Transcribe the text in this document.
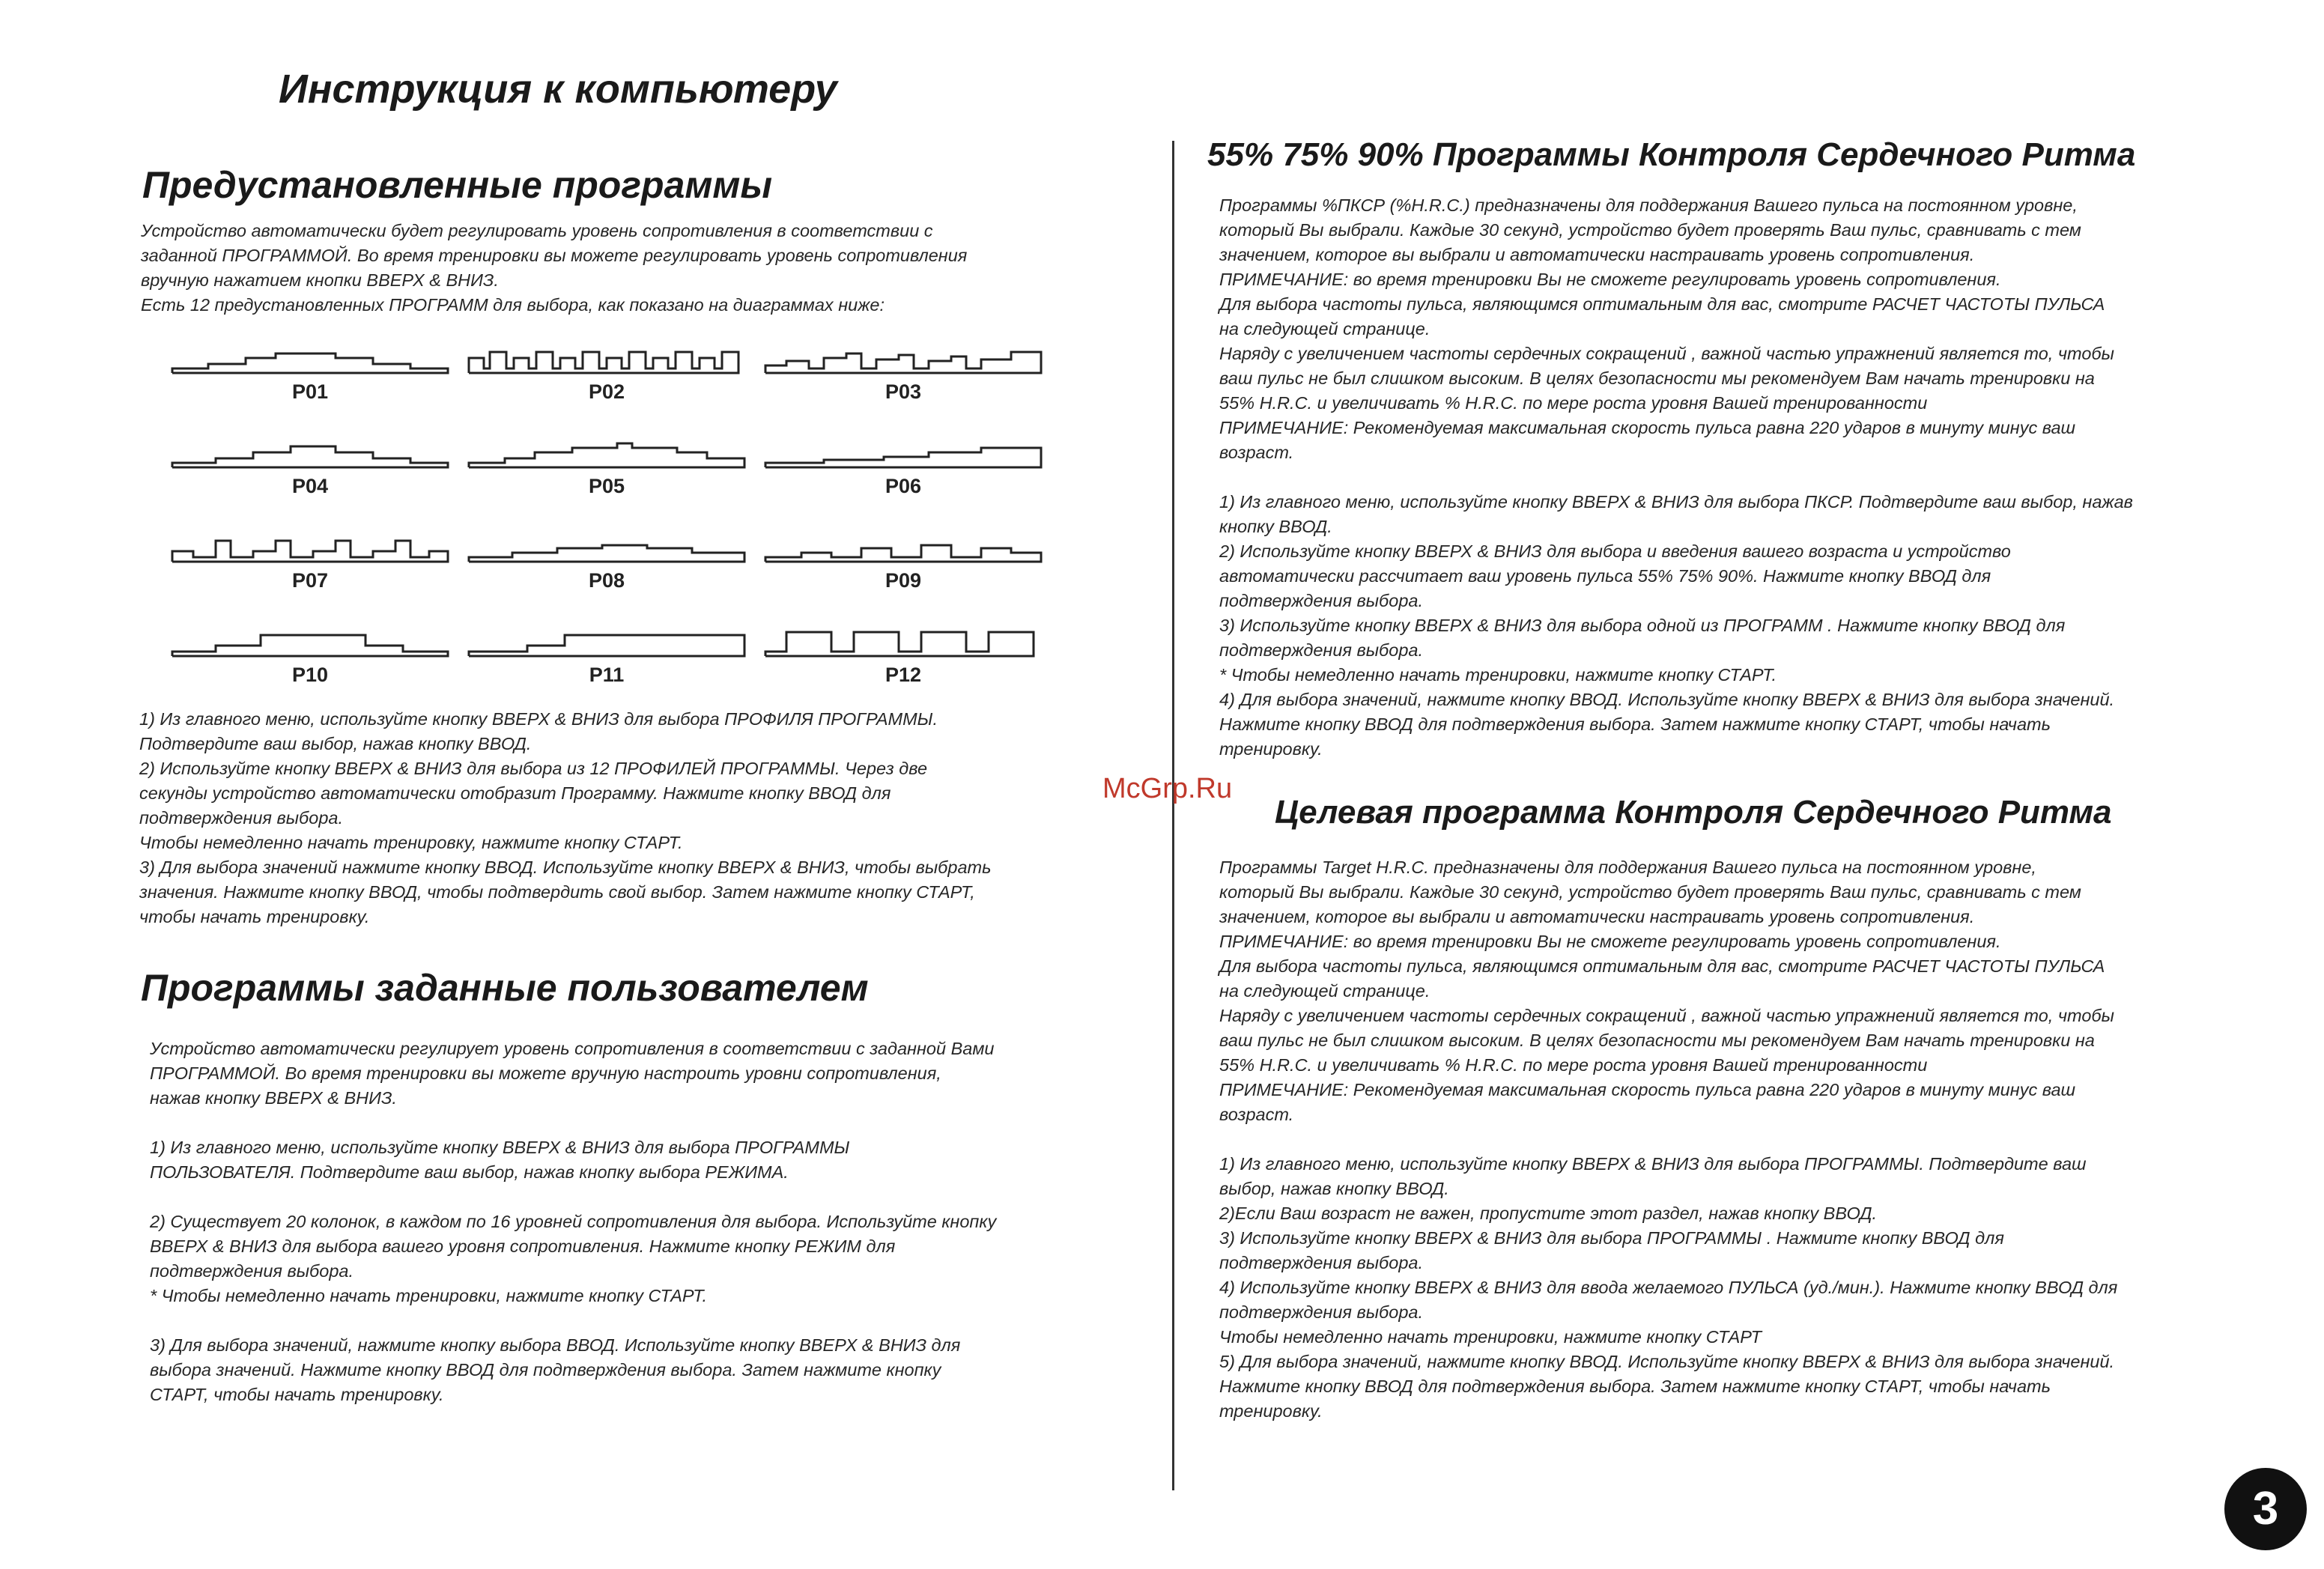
Инструкция к компьютеру
Предустановленные программы
Устройство автоматически будет регулировать уровень сопротивления в соответствии с
заданной ПРОГРАММОЙ. Во время тренировки вы можете регулировать уровень сопротивления
вручную нажатием кнопки ВВЕРХ & ВНИЗ.
Есть 12 предустановленных ПРОГРАММ для выбора, как показано на диаграммах ниже:
P01	P02	P03
P04	P05	P06
P07	P08	P09
P10	P11	P12
1) Из главного меню, используйте кнопку ВВЕРХ & ВНИЗ для выбора ПРОФИЛЯ ПРОГРАММЫ.
Подтвердите ваш выбор, нажав кнопку ВВОД.
2) Используйте кнопку ВВЕРХ & ВНИЗ для выбора из 12 ПРОФИЛЕЙ ПРОГРАММЫ. Через две
секунды устройство автоматически отобразит Программу. Нажмите кнопку ВВОД для
подтверждения выбора.
Чтобы немедленно начать тренировку, нажмите кнопку СТАРТ.
3) Для выбора значений нажмите кнопку ВВОД. Используйте кнопку ВВЕРХ & ВНИЗ, чтобы выбрать
значения. Нажмите кнопку ВВОД, чтобы подтвердить свой выбор. Затем нажмите кнопку СТАРТ,
чтобы начать тренировку.
Программы заданные пользователем
Устройство автоматически регулирует уровень сопротивления в соответствии с заданной Вами
ПРОГРАММОЙ. Во время тренировки вы можете вручную настроить уровни сопротивления,
нажав кнопку ВВЕРХ & ВНИЗ.

1) Из главного меню, используйте кнопку ВВЕРХ & ВНИЗ для выбора ПРОГРАММЫ
ПОЛЬЗОВАТЕЛЯ. Подтвердите ваш выбор, нажав кнопку выбора РЕЖИМА.

2) Существует 20 колонок, в каждом по 16 уровней сопротивления для выбора. Используйте кнопку
ВВЕРХ & ВНИЗ для выбора вашего уровня сопротивления. Нажмите кнопку РЕЖИМ для
подтверждения выбора.
* Чтобы немедленно начать тренировки, нажмите кнопку СТАРТ.

3) Для выбора значений, нажмите кнопку выбора ВВОД. Используйте кнопку ВВЕРХ & ВНИЗ для
выбора значений. Нажмите кнопку ВВОД для подтверждения выбора. Затем нажмите кнопку
СТАРТ, чтобы начать тренировку.
McGrp.Ru
55% 75% 90% Программы Контроля Сердечного Ритма
Программы %ПКСР (%H.R.C.) предназначены для поддержания Вашего пульса на постоянном уровне,
который Вы выбрали. Каждые 30 секунд, устройство будет проверять Ваш пульс, сравнивать с тем
значением, которое вы выбрали и автоматически настраивать уровень сопротивления.
ПРИМЕЧАНИЕ: во время тренировки Вы не сможете регулировать уровень сопротивления.
Для выбора частоты пульса, являющимся оптимальным для вас, смотрите РАСЧЕТ ЧАСТОТЫ ПУЛЬСА
на следующей странице.
Наряду с увеличением частоты сердечных сокращений , важной частью упражнений является то, чтобы
ваш пульс не был слишком высоким. В целях безопасности мы рекомендуем Вам начать тренировки на
55% H.R.C. и увеличивать % H.R.C. по мере роста уровня Вашей тренированности
ПРИМЕЧАНИЕ: Рекомендуемая максимальная скорость пульса равна 220 ударов в минуту минус ваш
возраст.

1) Из главного меню, используйте кнопку ВВЕРХ & ВНИЗ для выбора ПКСР. Подтвердите ваш выбор, нажав
кнопку ВВОД.
2) Используйте кнопку ВВЕРХ & ВНИЗ для выбора и введения вашего возраста и устройство
автоматически рассчитает ваш уровень пульса 55% 75% 90%. Нажмите кнопку ВВОД для
подтверждения выбора.
3) Используйте кнопку ВВЕРХ & ВНИЗ для выбора одной из ПРОГРАММ . Нажмите кнопку ВВОД для
подтверждения выбора.
* Чтобы немедленно начать тренировки, нажмите кнопку СТАРТ.
4) Для выбора значений, нажмите кнопку ВВОД. Используйте кнопку ВВЕРХ & ВНИЗ для выбора значений.
Нажмите кнопку ВВОД для подтверждения выбора. Затем нажмите кнопку СТАРТ, чтобы начать
тренировку.
Целевая программа Контроля Сердечного Ритма
Программы Target H.R.C. предназначены для поддержания Вашего пульса на постоянном уровне,
который Вы выбрали. Каждые 30 секунд, устройство будет проверять Ваш пульс, сравнивать с тем
значением, которое вы выбрали и автоматически настраивать уровень сопротивления.
ПРИМЕЧАНИЕ: во время тренировки Вы не сможете регулировать уровень сопротивления.
Для выбора частоты пульса, являющимся оптимальным для вас, смотрите РАСЧЕТ ЧАСТОТЫ ПУЛЬСА
на следующей странице.
Наряду с увеличением частоты сердечных сокращений , важной частью упражнений является то, чтобы
ваш пульс не был слишком высоким. В целях безопасности мы рекомендуем Вам начать тренировки на
55% H.R.C. и увеличивать % H.R.C. по мере роста уровня Вашей тренированности
ПРИМЕЧАНИЕ: Рекомендуемая максимальная скорость пульса равна 220 ударов в минуту минус ваш
возраст.

1) Из главного меню, используйте кнопку ВВЕРХ & ВНИЗ для выбора ПРОГРАММЫ. Подтвердите ваш
выбор, нажав кнопку ВВОД.
2)Если Ваш возраст не важен, пропустите этот раздел, нажав кнопку ВВОД.
3) Используйте кнопку ВВЕРХ & ВНИЗ для выбора ПРОГРАММЫ . Нажмите кнопку ВВОД для
подтверждения выбора.
4) Используйте кнопку ВВЕРХ & ВНИЗ для ввода желаемого ПУЛЬСА (уд./мин.). Нажмите кнопку ВВОД для
подтверждения выбора.
Чтобы немедленно начать тренировки, нажмите кнопку СТАРТ
5) Для выбора значений, нажмите кнопку ВВОД. Используйте кнопку ВВЕРХ & ВНИЗ для выбора значений.
Нажмите кнопку ВВОД для подтверждения выбора. Затем нажмите кнопку СТАРТ, чтобы начать
тренировку.
3
